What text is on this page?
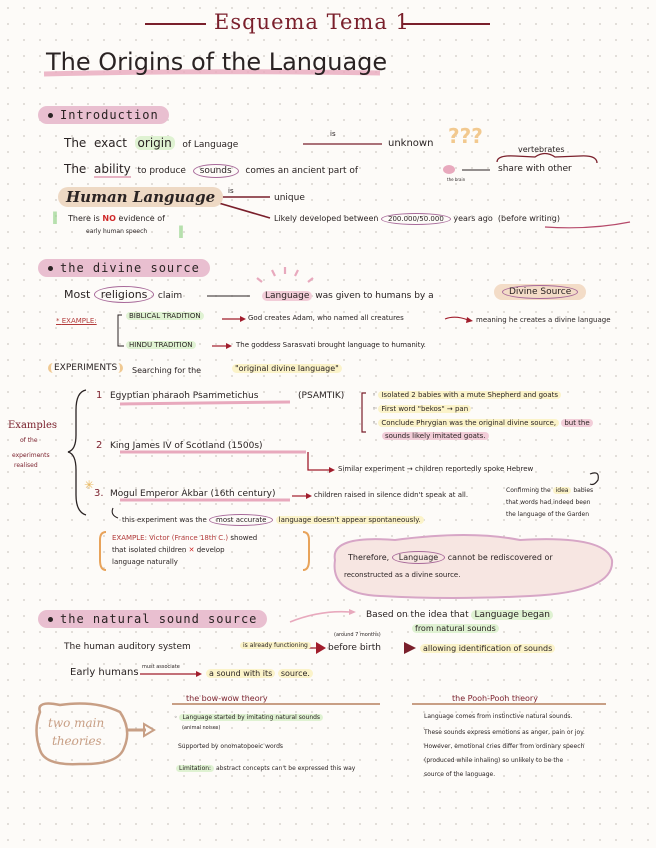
Esquema Tema 1
The Origins of the Language
Introduction
The exact origin of Language
is
unknown ???
The ability to produce sounds comes an ancient part of
the brain
share with other
vertebrates
Human Language	is
unique
Likely developed between 200.000/50.000 years ago (before writing)
‖ There is NO evidence of
early human speech	‖
the divine source
Most religions claim	Language was given to humans by a	Divine Source
* EXAMPLE:
BIBLICAL TRADITION	God creates Adam, who named all creatures	meaning he creates a divine language
HINDU TRADITION	The goddess Sarasvati brought language to humanity.
EXPERIMENTS	Searching for the	"original divine language"
Examples
of the
experiments
realised
1 Egyptian pharaoh Psammetichus	(PSAMTIK)	◦ Isolated 2 babies with a mute Shepherd and goats
◦ First word "bekos" → pan
◦ Conclude Phrygian was the original divine source, but the
sounds likely imitated goats.
2 King James IV of Scotland (1500s)
Similar experiment → children reportedly spoke Hebrew
✳
3. Mogul Emperor Akbar (16th century)	children raised in silence didn't speak at all.
Confirming the idea babies
that words had indeed been
the language of the Garden
this experiment was the most accurate language doesn't appear spontaneously.
EXAMPLE: Victor (France 18th C.) showed
that isolated children ✕ develop
language naturally	Therefore, Language cannot be rediscovered or
reconstructed as a divine source.
the natural sound source	Based on the idea that Language began
from natural sounds
The human auditory system	is already functioning
(around 7 months)
before birth	allowing identification of sounds
Early humans must associate
a sound with its source.
two main
theories
the bow-wow theory
◦ Language started by imitating natural sounds
(animal noises)
Supported by onomatopoeic words
Limitation: abstract concepts can't be expressed this way
the Pooh-Pooh theory
Language comes from instinctive natural sounds.
These sounds express emotions as anger, pain or joy.
However, emotional cries differ from ordinary speech
(produced while inhaling) so unlikely to be the
source of the language.
